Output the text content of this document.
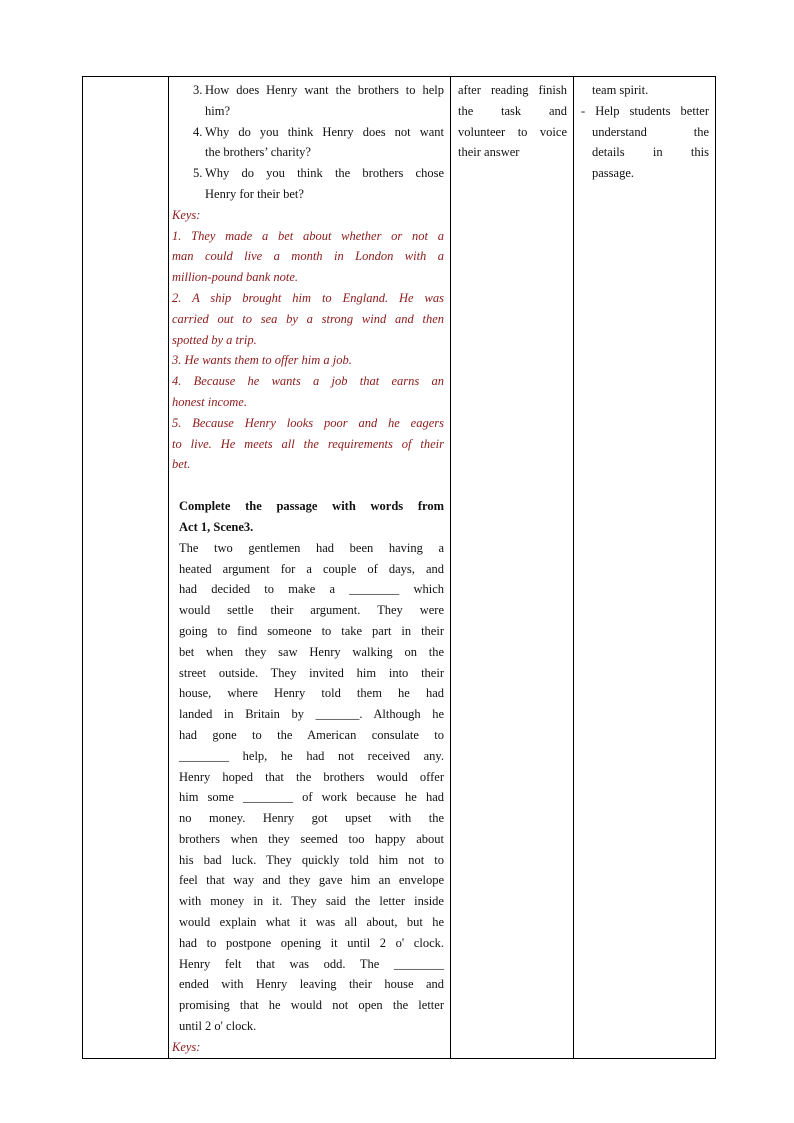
3. How does Henry want the brothers to help
him?
4. Why do you think Henry does not want
the brothers’ charity?
5. Why do you think the brothers chose
Henry for their bet?
Keys:
1. They made a bet about whether or not a
man could live a month in London with a
million-pound bank note.
2. A ship brought him to England. He was
carried out to sea by a strong wind and then
spotted by a trip.
3. He wants them to offer him a job.
4. Because he wants a job that earns an
honest income.
5. Because Henry looks poor and he eagers
to live. He meets all the requirements of their
bet.
Complete the passage with words from
Act 1, Scene3.
The two gentlemen had been having a
heated argument for a couple of days, and
had decided to make a ________ which
would settle their argument. They were
going to find someone to take part in their
bet when they saw Henry walking on the
street outside. They invited him into their
house, where Henry told them he had
landed in Britain by _______. Although he
had gone to the American consulate to
________ help, he had not received any.
Henry hoped that the brothers would offer
him some ________ of work because he had
no money. Henry got upset with the
brothers when they seemed too happy about
his bad luck. They quickly told him not to
feel that way and they gave him an envelope
with money in it. They said the letter inside
would explain what it was all about, but he
had to postpone opening it until 2 o' clock.
Henry felt that was odd. The ________
ended with Henry leaving their house and
promising that he would not open the letter
until 2 o' clock.
Keys:

after reading finish
the task and
volunteer to voice
their answer

team spirit.
- Help students better
understand the
details in this
passage.
